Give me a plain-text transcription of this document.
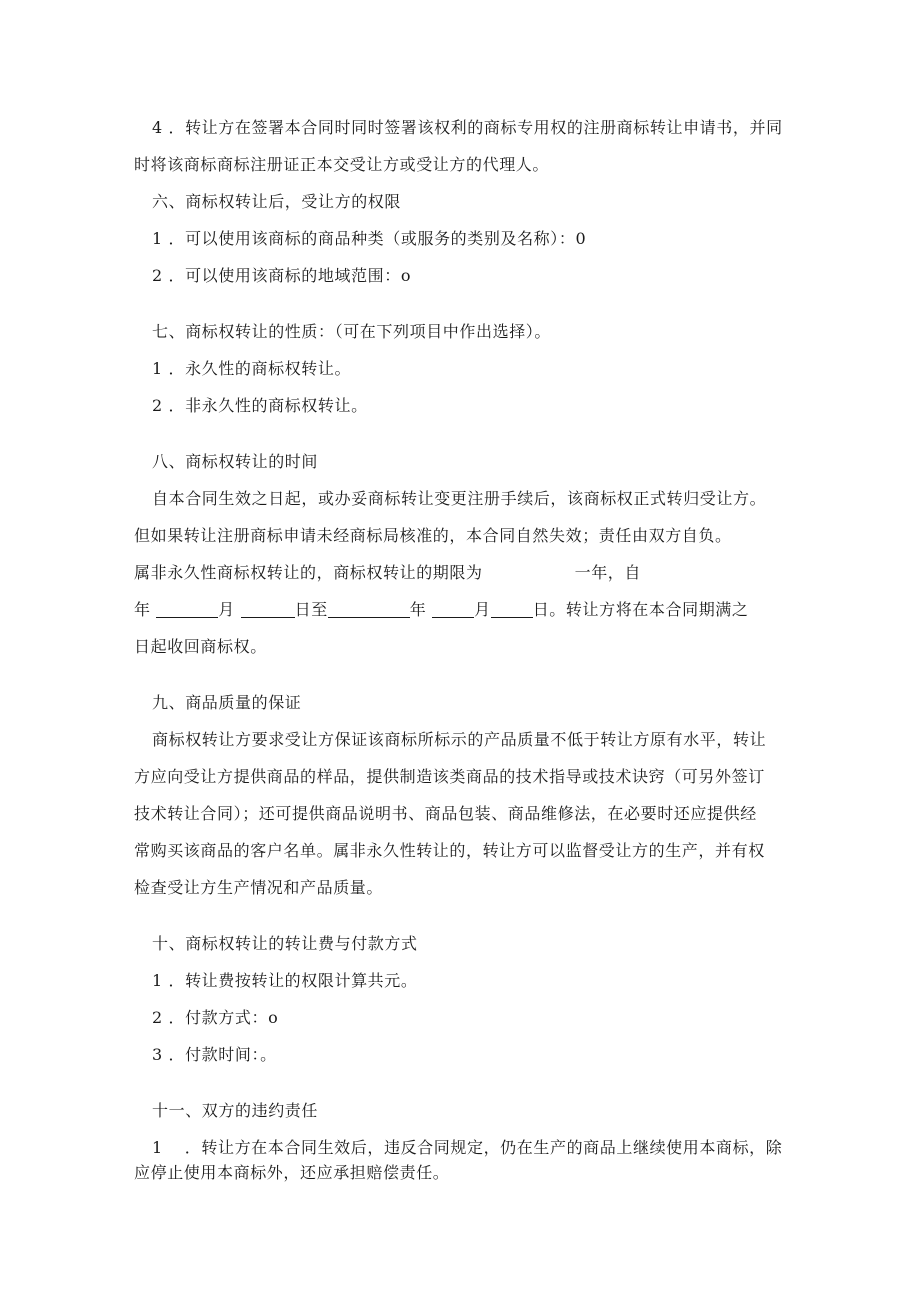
4 ．转让方在签署本合同时同时签署该权利的商标专用权的注册商标转让申请书，并同
时将该商标商标注册证正本交受让方或受让方的代理人。
六、商标权转让后，受让方的权限
1 ．可以使用该商标的商品种类（或服务的类别及名称）：0
2 ．可以使用该商标的地域范围：o
七、商标权转让的性质：（可在下列项目中作出选择）。
1 ．永久性的商标权转让。
2 ．非永久性的商标权转让。
八、商标权转让的时间
自本合同生效之日起，或办妥商标转让变更注册手续后，该商标权正式转归受让方。
但如果转让注册商标申请未经商标局核准的，本合同自然失效；责任由双方自负。
属非永久性商标权转让的，商标权转让的期限为	一年，自
年	月	日至	年	月	日。转让方将在本合同期满之
日起收回商标权。
九、商品质量的保证
商标权转让方要求受让方保证该商标所标示的产品质量不低于转让方原有水平，转让
方应向受让方提供商品的样品，提供制造该类商品的技术指导或技术诀窍（可另外签订
技术转让合同）；还可提供商品说明书、商品包装、商品维修法，在必要时还应提供经
常购买该商品的客户名单。属非永久性转让的，转让方可以监督受让方的生产，并有权
检查受让方生产情况和产品质量。
十、商标权转让的转让费与付款方式
1 ．转让费按转让的权限计算共元。
2 ．付款方式：o
3 ．付款时间：。
十一、双方的违约责任
1 ．转让方在本合同生效后，违反合同规定，仍在生产的商品上继续使用本商标，除
应停止使用本商标外，还应承担赔偿责任。
